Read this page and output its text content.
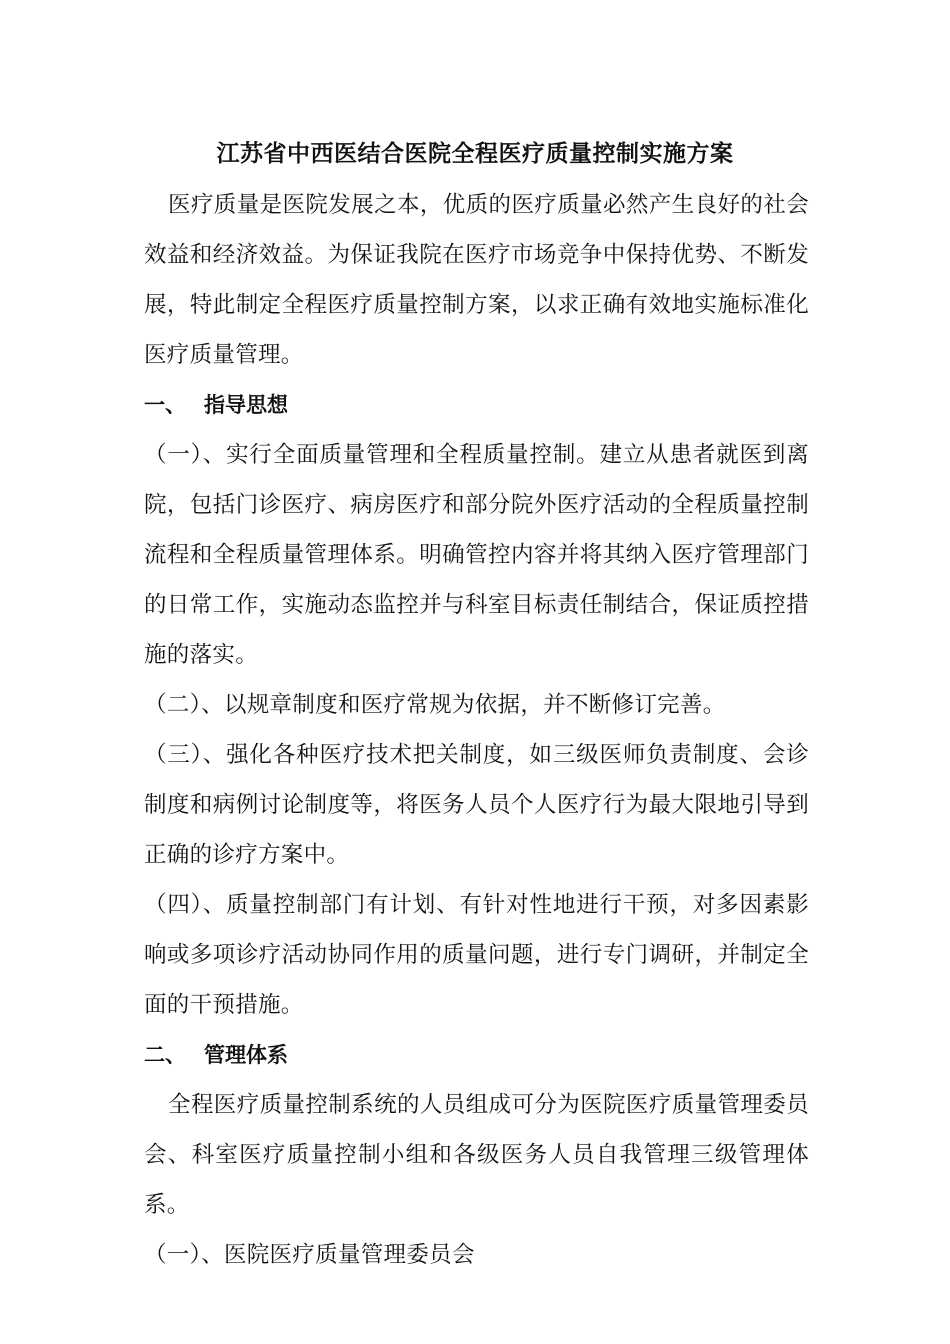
江苏省中西医结合医院全程医疗质量控制实施方案

医疗质量是医院发展之本，优质的医疗质量必然产生良好的社会效益和经济效益。为保证我院在医疗市场竞争中保持优势、不断发展，特此制定全程医疗质量控制方案，以求正确有效地实施标准化医疗质量管理。

一、 指导思想

（一）、实行全面质量管理和全程质量控制。建立从患者就医到离院，包括门诊医疗、病房医疗和部分院外医疗活动的全程质量控制流程和全程质量管理体系。明确管控内容并将其纳入医疗管理部门的日常工作，实施动态监控并与科室目标责任制结合，保证质控措施的落实。

（二）、以规章制度和医疗常规为依据，并不断修订完善。

（三）、强化各种医疗技术把关制度，如三级医师负责制度、会诊制度和病例讨论制度等，将医务人员个人医疗行为最大限地引导到正确的诊疗方案中。

（四）、质量控制部门有计划、有针对性地进行干预，对多因素影响或多项诊疗活动协同作用的质量问题，进行专门调研，并制定全面的干预措施。

二、 管理体系

全程医疗质量控制系统的人员组成可分为医院医疗质量管理委员会、科室医疗质量控制小组和各级医务人员自我管理三级管理体系。

（一）、医院医疗质量管理委员会
